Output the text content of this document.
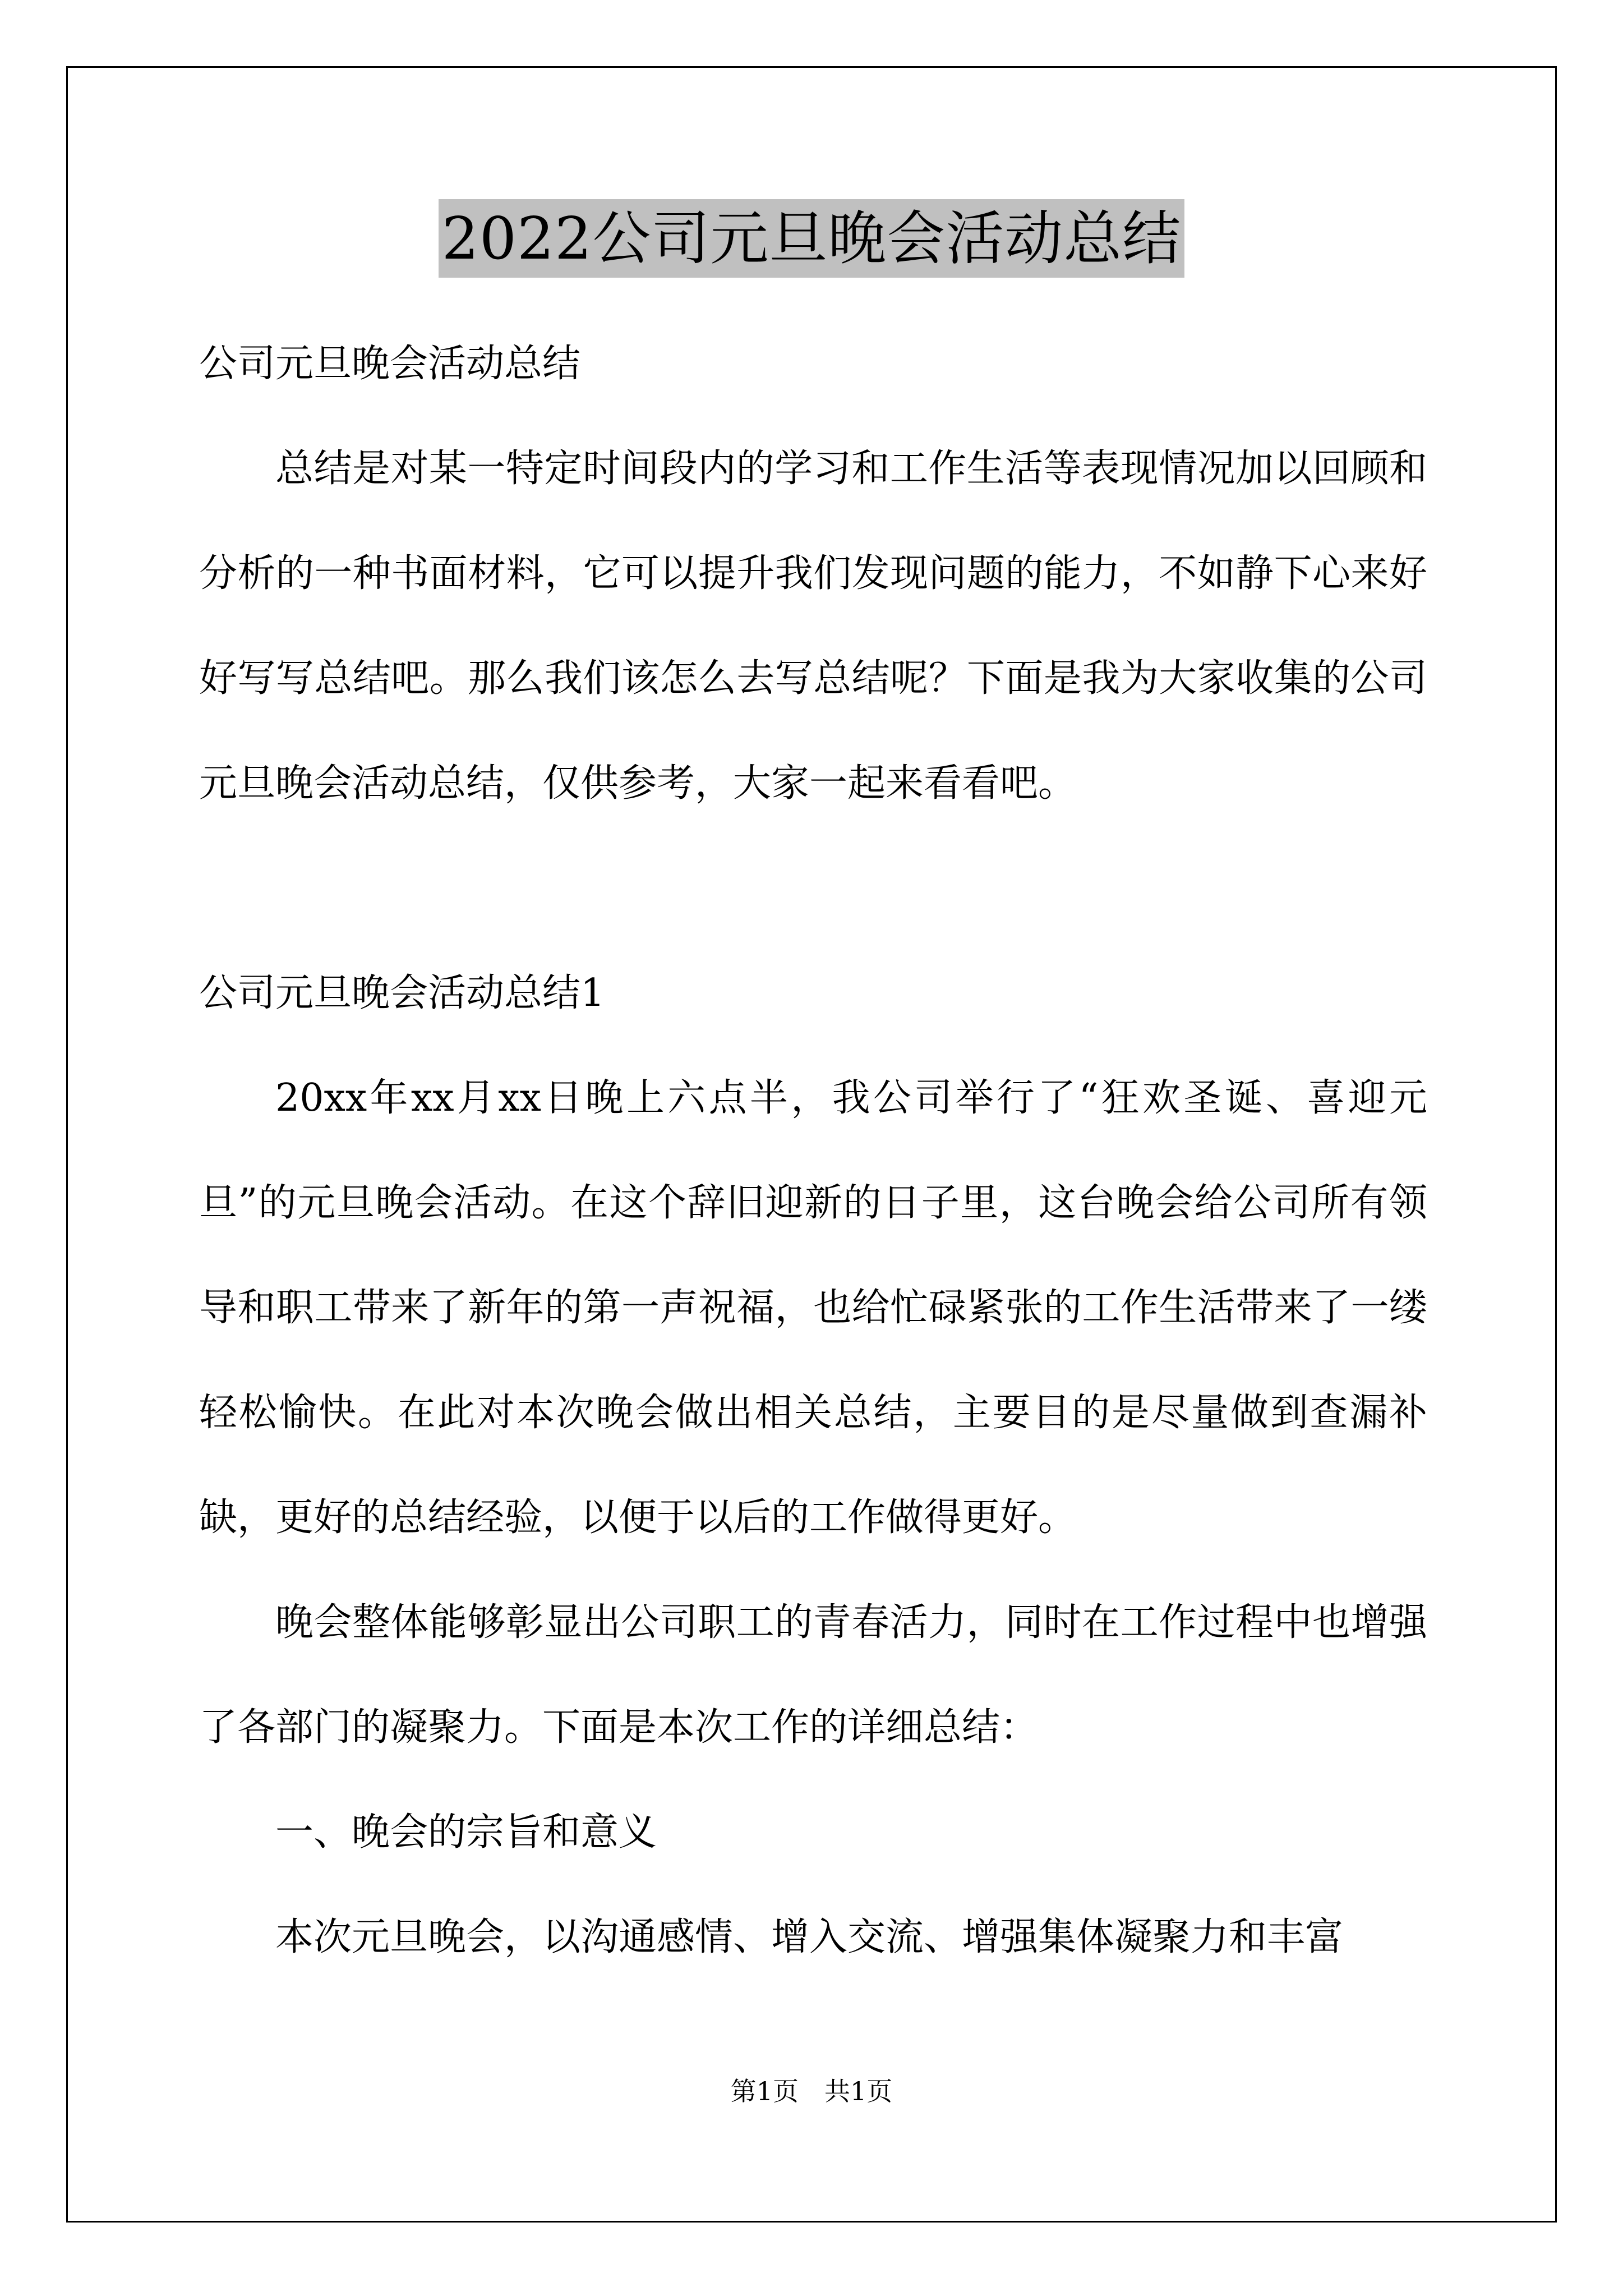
2022公司元旦晚会活动总结

公司元旦晚会活动总结

总结是对某一特定时间段内的学习和工作生活等表现情况加以回顾和分析的一种书面材料，它可以提升我们发现问题的能力，不如静下心来好好写写总结吧。那么我们该怎么去写总结呢？下面是我为大家收集的公司元旦晚会活动总结，仅供参考，大家一起来看看吧。

公司元旦晚会活动总结1

20xx年xx月xx日晚上六点半，我公司举行了“狂欢圣诞、喜迎元旦”的元旦晚会活动。在这个辞旧迎新的日子里，这台晚会给公司所有领导和职工带来了新年的第一声祝福，也给忙碌紧张的工作生活带来了一缕轻松愉快。在此对本次晚会做出相关总结，主要目的是尽量做到查漏补缺，更好的总结经验，以便于以后的工作做得更好。

晚会整体能够彰显出公司职工的青春活力，同时在工作过程中也增强了各部门的凝聚力。下面是本次工作的详细总结：

一、晚会的宗旨和意义

本次元旦晚会，以沟通感情、增入交流、增强集体凝聚力和丰富

第1页　共1页
